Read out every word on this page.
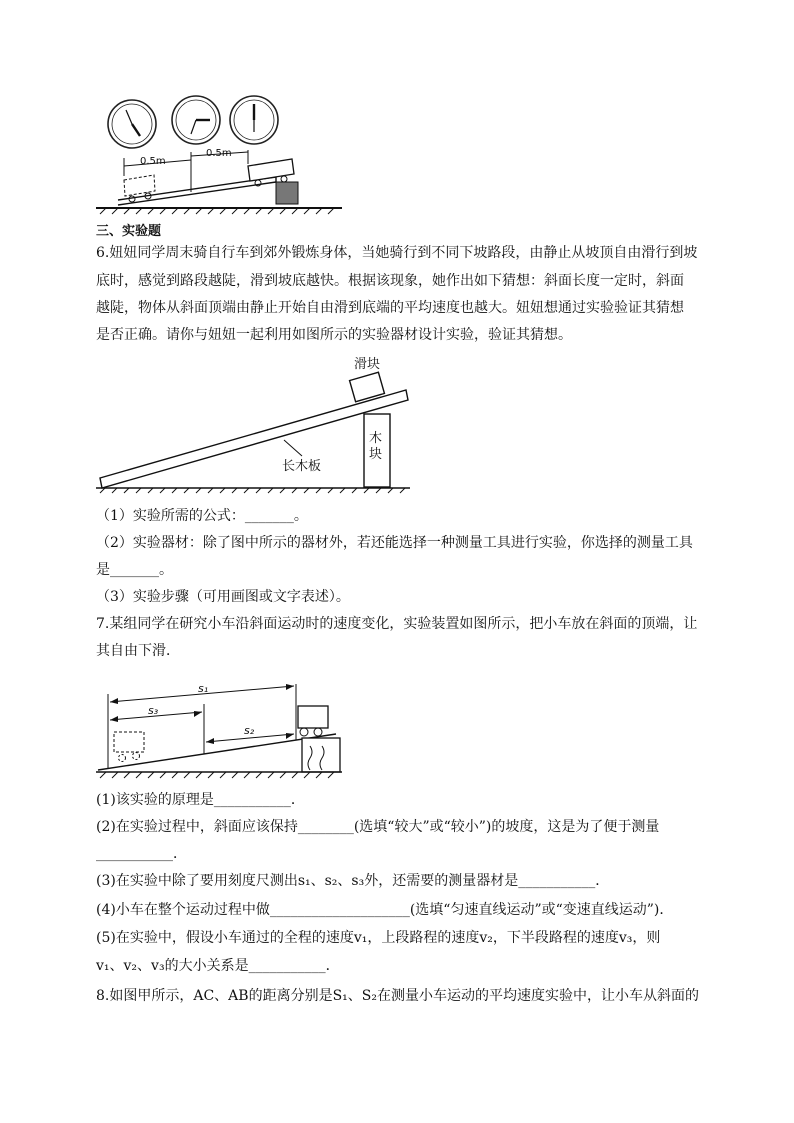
0.5m
0.5m
三、实验题
6.妞妞同学周末骑自行车到郊外锻炼身体，当她骑行到不同下坡路段，由静止从坡顶自由滑行到坡
底时，感觉到路段越陡，滑到坡底越快。根据该现象，她作出如下猜想：斜面长度一定时，斜面
越陡，物体从斜面顶端由静止开始自由滑到底端的平均速度也越大。妞妞想通过实验验证其猜想
是否正确。请你与妞妞一起利用如图所示的实验器材设计实验，验证其猜想。
滑块
木
块
长木板
（1）实验所需的公式：_______。
（2）实验器材：除了图中所示的器材外，若还能选择一种测量工具进行实验，你选择的测量工具
是_______。
（3）实验步骤（可用画图或文字表述）。
7.某组同学在研究小车沿斜面运动时的速度变化，实验装置如图所示，把小车放在斜面的顶端，让
其自由下滑．
s₁
s₃
s₂
(1)该实验的原理是___________．
(2)在实验过程中，斜面应该保持________(选填“较大”或“较小”)的坡度，这是为了便于测量
___________．
(3)在实验中除了要用刻度尺测出s₁、s₂、s₃外，还需要的测量器材是___________．
(4)小车在整个运动过程中做____________________(选填“匀速直线运动”或“变速直线运动”)．
(5)在实验中，假设小车通过的全程的速度v₁，上段路程的速度v₂，下半段路程的速度v₃，则
v₁、v₂、v₃的大小关系是___________．
8.如图甲所示，AC、AB的距离分别是S₁、S₂在测量小车运动的平均速度实验中，让小车从斜面的
